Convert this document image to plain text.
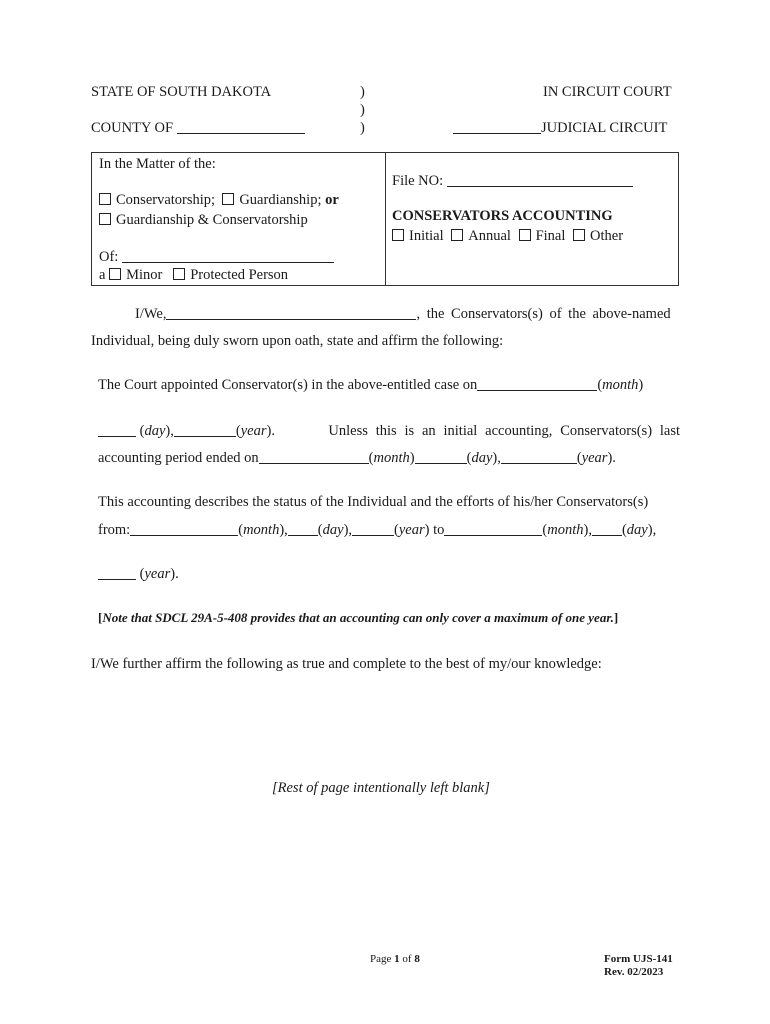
STATE OF SOUTH DAKOTA	)
)
)
IN CIRCUIT COURT
COUNTY OF	JUDICIAL CIRCUIT
In the Matter of the:
Conservatorship; Guardianship; or
Guardianship & Conservatorship
Of:
a Minor Protected Person
File NO:
CONSERVATORS ACCOUNTING
Initial Annual Final Other
I/We,	, the Conservators(s) of the above-named
Individual, being duly sworn upon oath, state and affirm the following:
The Court appointed Conservator(s) in the above-entitled case on	(month)
(day),	(year).	Unless this is an initial accounting, Conservators(s) last
accounting period ended on	(month)	(day),	(year).
This accounting describes the status of the Individual and the efforts of his/her Conservators(s)
from:	(month), (day),	(year) to	(month), (day),
(year).
[Note that SDCL 29A-5-408 provides that an accounting can only cover a maximum of one year.]
I/We further affirm the following as true and complete to the best of my/our knowledge:
[Rest of page intentionally left blank]
Page 1 of 8	Form UJS-141
Rev. 02/2023
